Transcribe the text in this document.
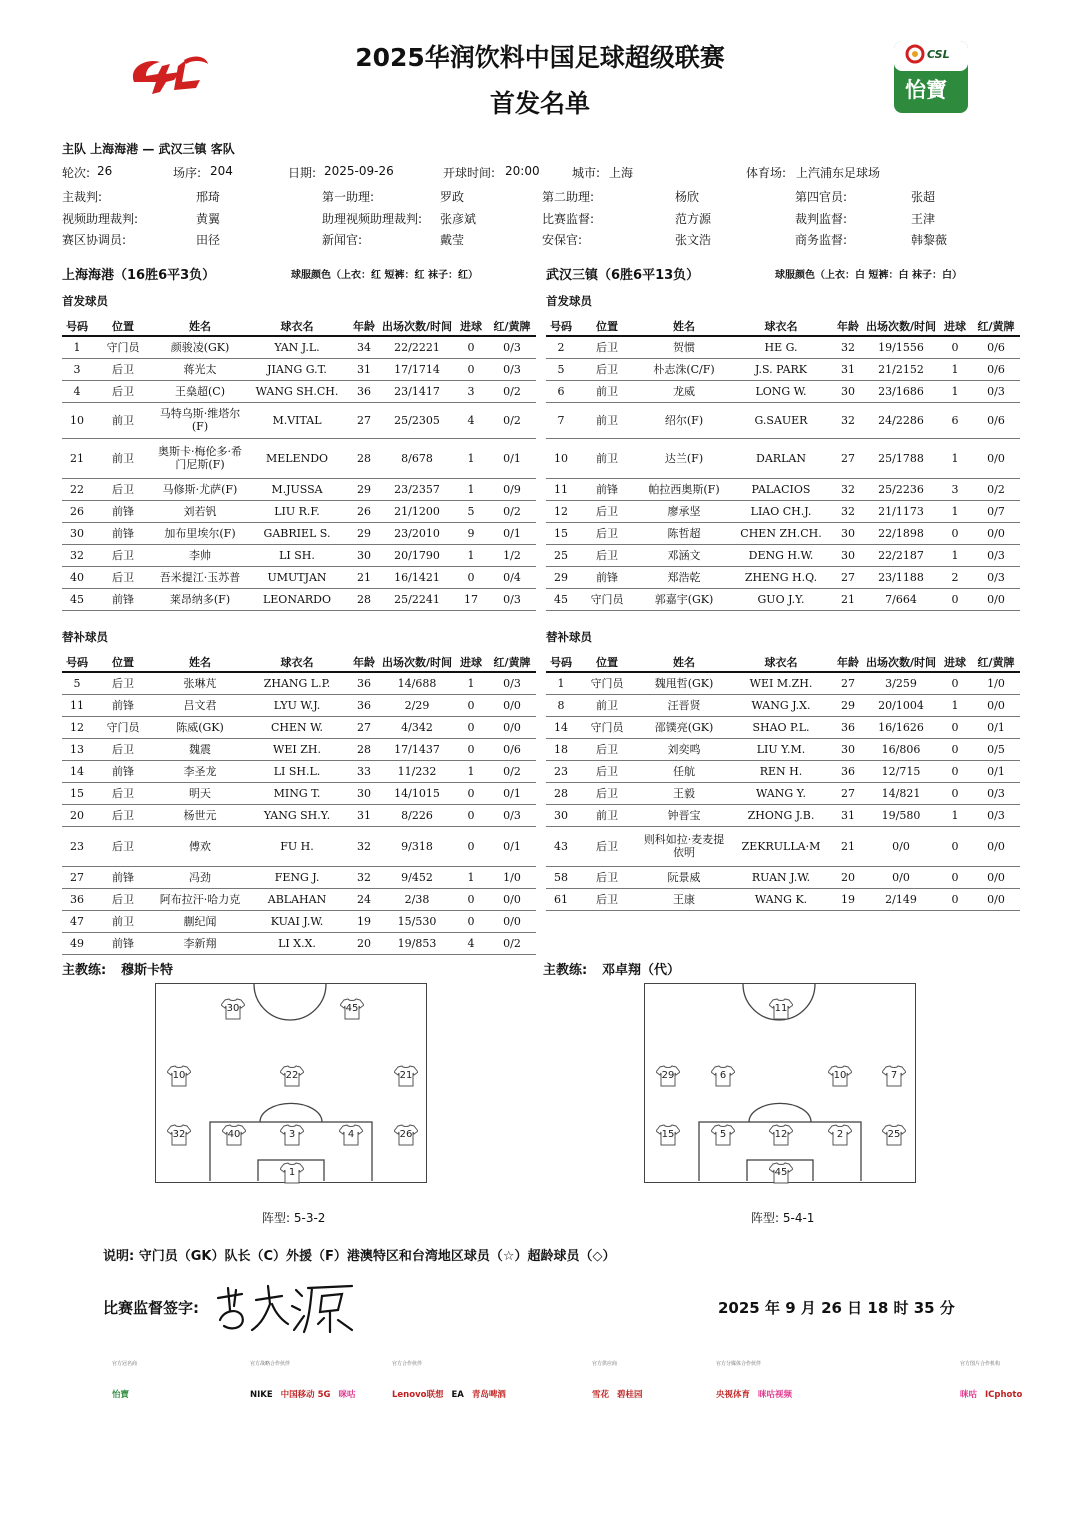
2025华润饮料中国足球超级联赛
首发名单
CSL
怡寶
主队 上海海港 — 武汉三镇 客队
轮次: 26	场序: 204	日期: 2025-09-26	开球时间: 20:00	城市: 上海	体育场: 上汽浦东足球场
主裁判:	邢琦	第一助理:	罗政	第二助理:	杨欣	第四官员:	张超
视频助理裁判:	黄翼	助理视频助理裁判: 张彦斌	比赛监督:	范方源	裁判监督:	王津
赛区协调员:	田径	新闻官:	戴莹	安保官:	张文浩	商务监督:	韩黎薇
上海海港（16胜6平3负）	球服颜色（上衣：红 短裤：红 袜子：红）	武汉三镇（6胜6平13负）	球服颜色（上衣：白 短裤：白 袜子：白）
首发球员	首发球员
替补球员	替补球员
号码	位置	姓名	球衣名	年龄	出场次数/时间	进球	红/黄牌
1	守门员	颜骏凌(GK)	YAN J.L.	34	22/2221	0	0/3
3	后卫	蒋光太	JIANG G.T.	31	17/1714	0	0/3
4	后卫	王燊超(C)	WANG SH.CH.	36	23/1417	3	0/2
10	前卫	马特乌斯·维塔尔(F)	M.VITAL	27	25/2305	4	0/2
21	前卫	奥斯卡·梅伦多·希门尼斯(F)	MELENDO	28	8/678	1	0/1
22	后卫	马修斯·尤萨(F)	M.JUSSA	29	23/2357	1	0/9
26	前锋	刘若钒	LIU R.F.	26	21/1200	5	0/2
30	前锋	加布里埃尔(F)	GABRIEL S.	29	23/2010	9	0/1
32	后卫	李帅	LI SH.	30	20/1790	1	1/2
40	后卫	吾米提江·玉苏普	UMUTJAN	21	16/1421	0	0/4
45	前锋	莱昂纳多(F)	LEONARDO	28	25/2241	17	0/3
号码	位置	姓名	球衣名	年龄	出场次数/时间	进球	红/黄牌
2	后卫	贺惯	HE G.	32	19/1556	0	0/6
5	后卫	朴志洙(C/F)	J.S. PARK	31	21/2152	1	0/6
6	前卫	龙威	LONG W.	30	23/1686	1	0/3
7	前卫	绍尔(F)	G.SAUER	32	24/2286	6	0/6
10	前卫	达兰(F)	DARLAN	27	25/1788	1	0/0
11	前锋	帕拉西奥斯(F)	PALACIOS	32	25/2236	3	0/2
12	后卫	廖承坚	LIAO CH.J.	32	21/1173	1	0/7
15	后卫	陈哲超	CHEN ZH.CH.	30	22/1898	0	0/0
25	后卫	邓涵文	DENG H.W.	30	22/2187	1	0/3
29	前锋	郑浩乾	ZHENG H.Q.	27	23/1188	2	0/3
45	守门员	郭嘉宇(GK)	GUO J.Y.	21	7/664	0	0/0
号码	位置	姓名	球衣名	年龄	出场次数/时间	进球	红/黄牌
5	后卫	张琳芃	ZHANG L.P.	36	14/688	1	0/3
11	前锋	吕文君	LYU W.J.	36	2/29	0	0/0
12	守门员	陈威(GK)	CHEN W.	27	4/342	0	0/0
13	后卫	魏震	WEI ZH.	28	17/1437	0	0/6
14	前锋	李圣龙	LI SH.L.	33	11/232	1	0/2
15	后卫	明天	MING T.	30	14/1015	0	0/1
20	后卫	杨世元	YANG SH.Y.	31	8/226	0	0/3
23	后卫	傅欢	FU H.	32	9/318	0	0/1
27	前锋	冯劲	FENG J.	32	9/452	1	1/0
36	后卫	阿布拉汗·哈力克	ABLAHAN	24	2/38	0	0/0
47	前卫	蒯纪闻	KUAI J.W.	19	15/530	0	0/0
49	前锋	李新翔	LI X.X.	20	19/853	4	0/2
号码	位置	姓名	球衣名	年龄	出场次数/时间	进球	红/黄牌
1	守门员	魏甩哲(GK)	WEI M.ZH.	27	3/259	0	1/0
8	前卫	汪晋贤	WANG J.X.	29	20/1004	1	0/0
14	守门员	邵镤亮(GK)	SHAO P.L.	36	16/1626	0	0/1
18	后卫	刘奕鸣	LIU Y.M.	30	16/806	0	0/5
23	后卫	任航	REN H.	36	12/715	0	0/1
28	后卫	王毅	WANG Y.	27	14/821	0	0/3
30	前卫	钟晋宝	ZHONG J.B.	31	19/580	1	0/3
43	后卫	则科如拉·麦麦提依明	ZEKRULLA·M	21	0/0	0	0/0
58	后卫	阮景威	RUAN J.W.	20	0/0	0	0/0
61	后卫	王康	WANG K.	19	2/149	0	0/0
主教练: 穆斯卡特	主教练: 邓卓翔（代）
30	45
10	22	21
32	40	3	4	26
1
11
29	6	10	7
15	5	12	2	25
45
阵型: 5-3-2	阵型: 5-4-1
说明: 守门员（GK）队长（C）外援（F）港澳特区和台湾地区球员（☆）超龄球员（◇）
比赛监督签字:	2025 年 9 月 26 日 18 时 35 分
官方冠名商
怡寶
官方战略合作伙伴
NIKE 中国移动 5G 咪咕
官方合作伙伴
Lenovo联想 EA 青岛啤酒
官方供应商
雪花 碧桂园
官方分媒体合作伙伴
央视体育 咪咕视频
官方图片合作机构
咪咕 ICphoto
